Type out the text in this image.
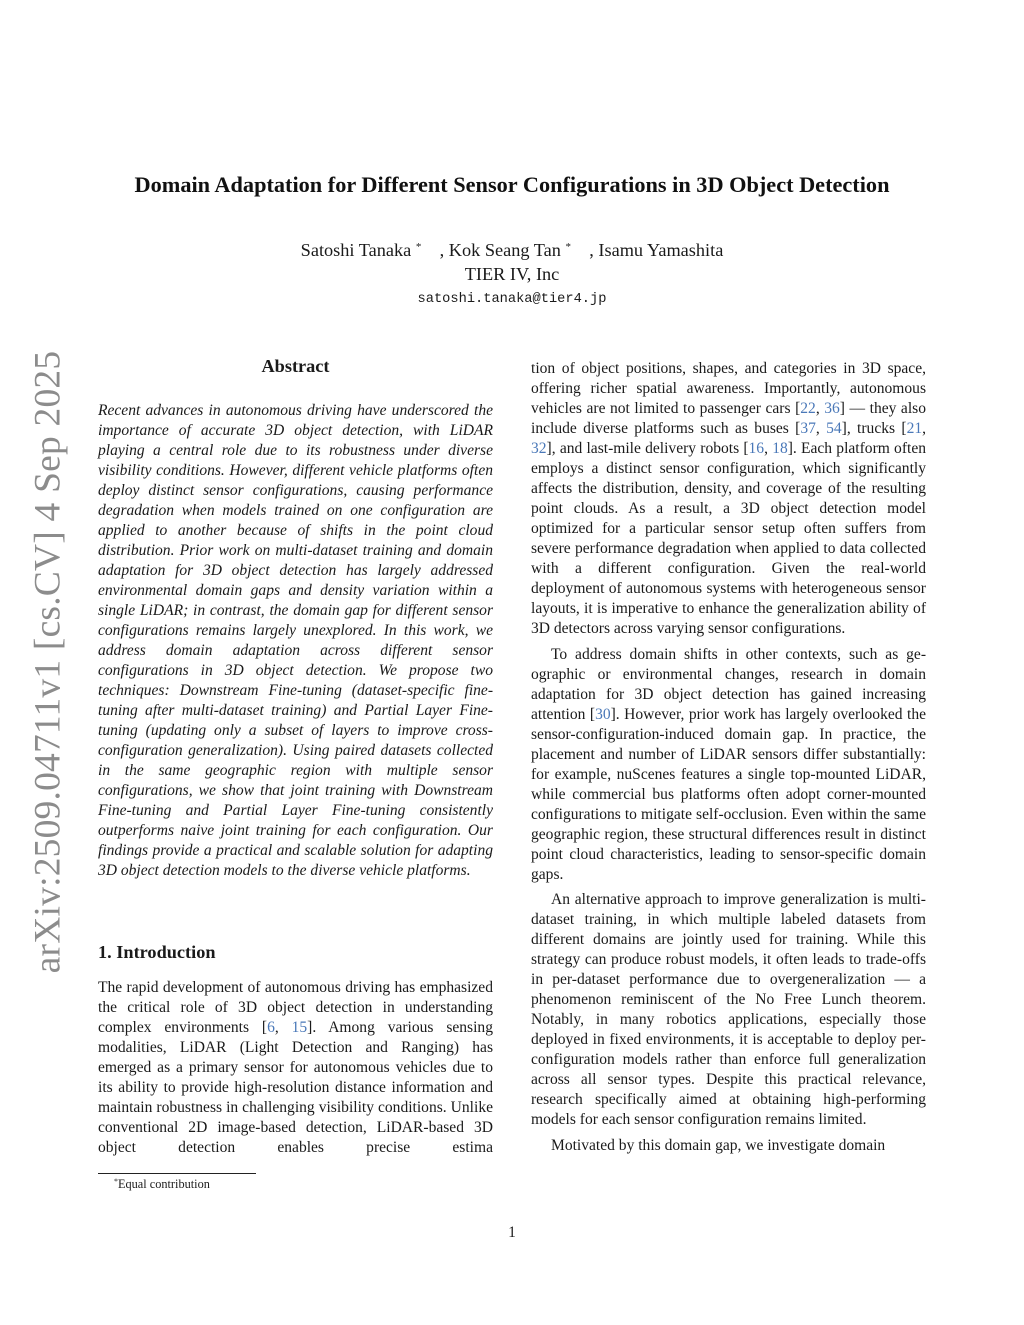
arXiv:2509.04711v1 [cs.CV] 4 Sep 2025
Domain Adaptation for Different Sensor Configurations in 3D Object Detection
Satoshi Tanaka *    , Kok Seang Tan *    , Isamu Yamashita
TIER IV, Inc
satoshi.tanaka@tier4.jp
Abstract

Recent advances in autonomous driving have underscored the importance of accurate 3D object detection, with LiDAR playing a central role due to its robustness under diverse visibility conditions. However, different vehicle platforms often deploy distinct sensor configurations, causing performance degradation when models trained on one configuration are applied to another because of shifts in the point cloud distribution. Prior work on multi-dataset training and domain adaptation for 3D object detection has largely addressed environmental domain gaps and density variation within a single LiDAR; in contrast, the domain gap for different sensor configurations remains largely unexplored. In this work, we address domain adaptation across different sensor configurations in 3D object detection. We propose two techniques: Downstream Fine-tuning (dataset-specific fine-tuning after multi-dataset training) and Partial Layer Fine-tuning (updating only a subset of layers to improve cross-configuration generalization). Using paired datasets collected in the same geographic region with multiple sensor configurations, we show that joint training with Downstream Fine-tuning and Partial Layer Fine-tuning consistently outperforms naive joint training for each configuration. Our findings provide a practical and scalable solution for adapting 3D object detection models to the diverse vehicle platforms.

1. Introduction

The rapid development of autonomous driving has emphasized the critical role of 3D object detection in understanding complex environments [6, 15]. Among various sensing modalities, LiDAR (Light Detection and Ranging) has emerged as a primary sensor for autonomous vehicles due to its ability to provide high-resolution distance information and maintain robustness in challenging visibility conditions. Unlike conventional 2D image-based detection, LiDAR-based 3D object detection enables precise estima

tion of object positions, shapes, and categories in 3D space, offering richer spatial awareness. Importantly, autonomous vehicles are not limited to passenger cars [22, 36] — they also include diverse platforms such as buses [37, 54], trucks [21, 32], and last-mile delivery robots [16, 18]. Each platform often employs a distinct sensor configuration, which significantly affects the distribution, density, and coverage of the resulting point clouds. As a result, a 3D object detection model optimized for a particular sensor setup often suffers from severe performance degradation when applied to data collected with a different configuration. Given the real-world deployment of autonomous systems with heterogeneous sensor layouts, it is imperative to enhance the generalization ability of 3D detectors across varying sensor configurations.

To address domain shifts in other contexts, such as geographic or environmental changes, research in domain adaptation for 3D object detection has gained increasing attention [30]. However, prior work has largely overlooked the sensor-configuration-induced domain gap. In practice, the placement and number of LiDAR sensors differ substantially: for example, nuScenes features a single top-mounted LiDAR, while commercial bus platforms often adopt corner-mounted configurations to mitigate self-occlusion. Even within the same geographic region, these structural differences result in distinct point cloud characteristics, leading to sensor-specific domain gaps.

An alternative approach to improve generalization is multi-dataset training, in which multiple labeled datasets from different domains are jointly used for training. While this strategy can produce robust models, it often leads to trade-offs in per-dataset performance due to overgeneralization — a phenomenon reminiscent of the No Free Lunch theorem. Notably, in many robotics applications, especially those deployed in fixed environments, it is acceptable to deploy per-configuration models rather than enforce full generalization across all sensor types. Despite this practical relevance, research specifically aimed at obtaining high-performing models for each sensor configuration remains limited.

Motivated by this domain gap, we investigate domain

*Equal contribution
1
